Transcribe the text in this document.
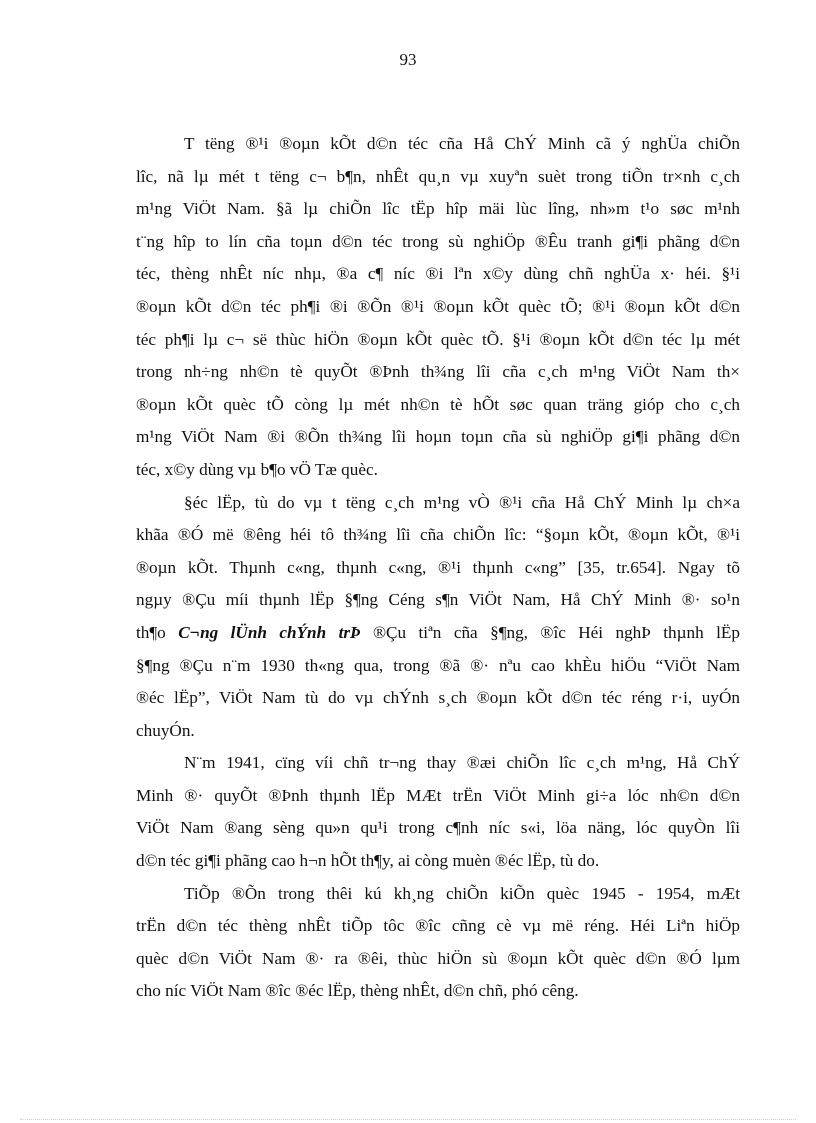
93
T tëng ®¹i ®oµn kÕt d©n téc cña Hå ChÝ Minh cã ý nghÜa chiÕn
lîc, nã lµ mét t tëng c¬ b¶n, nhÊt qu¸n vµ xuyªn suèt trong tiÕn tr×nh c¸ch
m¹ng ViÖt Nam. §ã lµ chiÕn lîc tËp hîp mäi lùc lîng, nh»m t¹o søc m¹nh
t¨ng hîp to lín cña toµn d©n téc trong sù nghiÖp ®Êu tranh gi¶i phãng d©n
téc, thèng nhÊt níc nhµ, ®a c¶ níc ®i lªn x©y dùng chñ nghÜa x· héi. §¹i
®oµn kÕt d©n téc ph¶i ®i ®Õn ®¹i ®oµn kÕt quèc tÕ; ®¹i ®oµn kÕt d©n
téc ph¶i lµ c¬ së thùc hiÖn ®oµn kÕt quèc tÕ. §¹i ®oµn kÕt d©n téc lµ mét
trong nh÷ng nh©n tè quyÕt ®Þnh th¾ng lîi cña c¸ch m¹ng ViÖt Nam th×
®oµn kÕt quèc tÕ còng lµ mét nh©n tè hÕt søc quan träng gióp cho c¸ch
m¹ng ViÖt Nam ®i ®Õn th¾ng lîi hoµn toµn cña sù nghiÖp gi¶i phãng d©n
téc, x©y dùng vµ b¶o vÖ Tæ quèc.
§éc lËp, tù do vµ t tëng c¸ch m¹ng vÒ ®¹i cña Hå ChÝ Minh lµ ch×a
khãa ®Ó më ®êng héi tô th¾ng lîi cña chiÕn lîc: “§oµn kÕt, ®oµn kÕt, ®¹i
®oµn kÕt. Thµnh c«ng, thµnh c«ng, ®¹i thµnh c«ng” [35, tr.654]. Ngay tõ
ngµy ®Çu míi thµnh lËp §¶ng Céng s¶n ViÖt Nam, Hå ChÝ Minh ®· so¹n
th¶o C¬ng lÜnh chÝnh trÞ ®Çu tiªn cña §¶ng, ®îc Héi nghÞ thµnh lËp
§¶ng ®Çu n¨m 1930 th«ng qua, trong ®ã ®· nªu cao khÈu hiÖu “ViÖt Nam
®éc lËp”, ViÖt Nam tù do vµ chÝnh s¸ch ®oµn kÕt d©n téc réng r·i, uyÓn
chuyÓn.
N¨m 1941, cïng víi chñ tr¬ng thay ®æi chiÕn lîc c¸ch m¹ng, Hå ChÝ
Minh ®· quyÕt ®Þnh thµnh lËp MÆt trËn ViÖt Minh gi÷a lóc nh©n d©n
ViÖt Nam ®ang sèng qu»n qu¹i trong c¶nh níc s«i, löa näng, lóc quyÒn lîi
d©n téc gi¶i phãng cao h¬n hÕt th¶y, ai còng muèn ®éc lËp, tù do.
TiÕp ®Õn trong thêi kú kh¸ng chiÕn kiÕn quèc 1945 - 1954, mÆt
trËn d©n téc thèng nhÊt tiÕp tôc ®îc cñng cè vµ më réng. Héi Liªn hiÖp
quèc d©n ViÖt Nam ®· ra ®êi, thùc hiÖn sù ®oµn kÕt quèc d©n ®Ó lµm
cho níc ViÖt Nam ®îc ®éc lËp, thèng nhÊt, d©n chñ, phó cêng.
